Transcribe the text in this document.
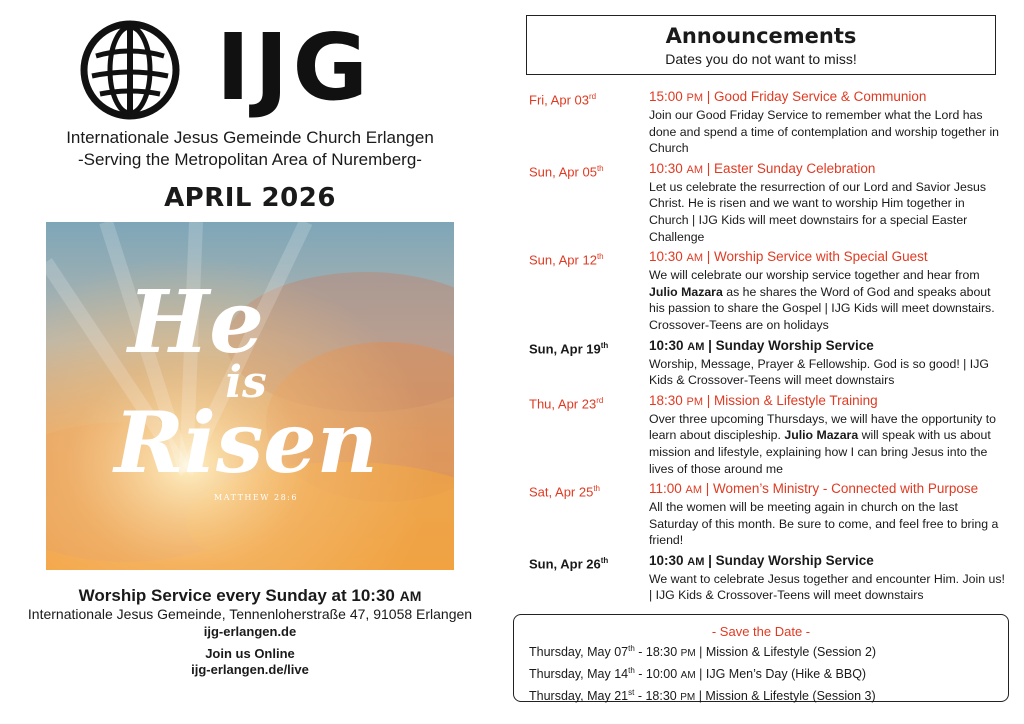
IJG
Internationale Jesus Gemeinde Church Erlangen
-Serving the Metropolitan Area of Nuremberg-
APRIL 2026
He
is
Risen
MATTHEW 28:6
Worship Service every Sunday at 10:30 AM
Internationale Jesus Gemeinde, Tennenloherstraße 47, 91058 Erlangen
ijg-erlangen.de
Join us Online
ijg-erlangen.de/live
Announcements
Dates you do not want to miss!
Fri, Apr 03rd	15:00 PM | Good Friday Service & Communion
Join our Good Friday Service to remember what the Lord has done and spend a time of contemplation and worship together in Church
Sun, Apr 05th	10:30 AM | Easter Sunday Celebration
Let us celebrate the resurrection of our Lord and Savior Jesus Christ. He is risen and we want to worship Him together in Church | IJG Kids will meet downstairs for a special Easter Challenge
Sun, Apr 12th	10:30 AM | Worship Service with Special Guest
We will celebrate our worship service together and hear from Julio Mazara as he shares the Word of God and speaks about his passion to share the Gospel | IJG Kids will meet downstairs. Crossover-Teens are on holidays
Sun, Apr 19th	10:30 AM | Sunday Worship Service
Worship, Message, Prayer & Fellowship. God is so good! | IJG Kids & Crossover-Teens will meet downstairs
Thu, Apr 23rd	18:30 PM | Mission & Lifestyle Training
Over three upcoming Thursdays, we will have the opportunity to learn about discipleship. Julio Mazara will speak with us about mission and lifestyle, explaining how I can bring Jesus into the lives of those around me
Sat, Apr 25th	11:00 AM | Women’s Ministry - Connected with Purpose
All the women will be meeting again in church on the last Saturday of this month. Be sure to come, and feel free to bring a friend!
Sun, Apr 26th	10:30 AM | Sunday Worship Service
We want to celebrate Jesus together and encounter Him. Join us! | IJG Kids & Crossover-Teens will meet downstairs
- Save the Date -
Thursday, May 07th - 18:30 PM | Mission & Lifestyle (Session 2)
Thursday, May 14th - 10:00 AM | IJG Men’s Day (Hike & BBQ)
Thursday, May 21st - 18:30 PM | Mission & Lifestyle (Session 3)
